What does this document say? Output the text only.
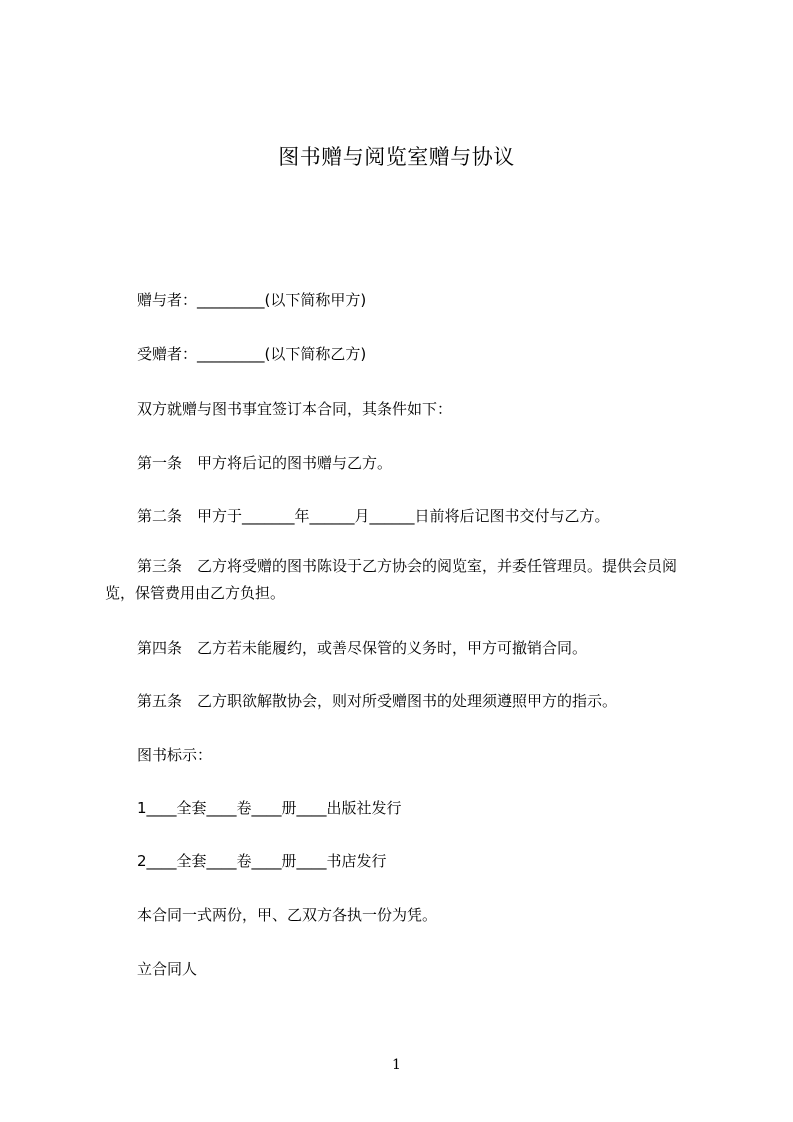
图书赠与阅览室赠与协议
赠与者：_________(以下简称甲方)
受赠者：_________(以下简称乙方)
双方就赠与图书事宜签订本合同，其条件如下：
第一条　甲方将后记的图书赠与乙方。
第二条　甲方于_______年______月______日前将后记图书交付与乙方。
第三条　乙方将受赠的图书陈设于乙方协会的阅览室，并委任管理员。提供会员阅览，保管费用由乙方负担。
第四条　乙方若未能履约，或善尽保管的义务时，甲方可撤销合同。
第五条　乙方职欲解散协会，则对所受赠图书的处理须遵照甲方的指示。
图书标示：
1____全套____卷____册____出版社发行
2____全套____卷____册____书店发行
本合同一式两份，甲、乙双方各执一份为凭。
立合同人
1
